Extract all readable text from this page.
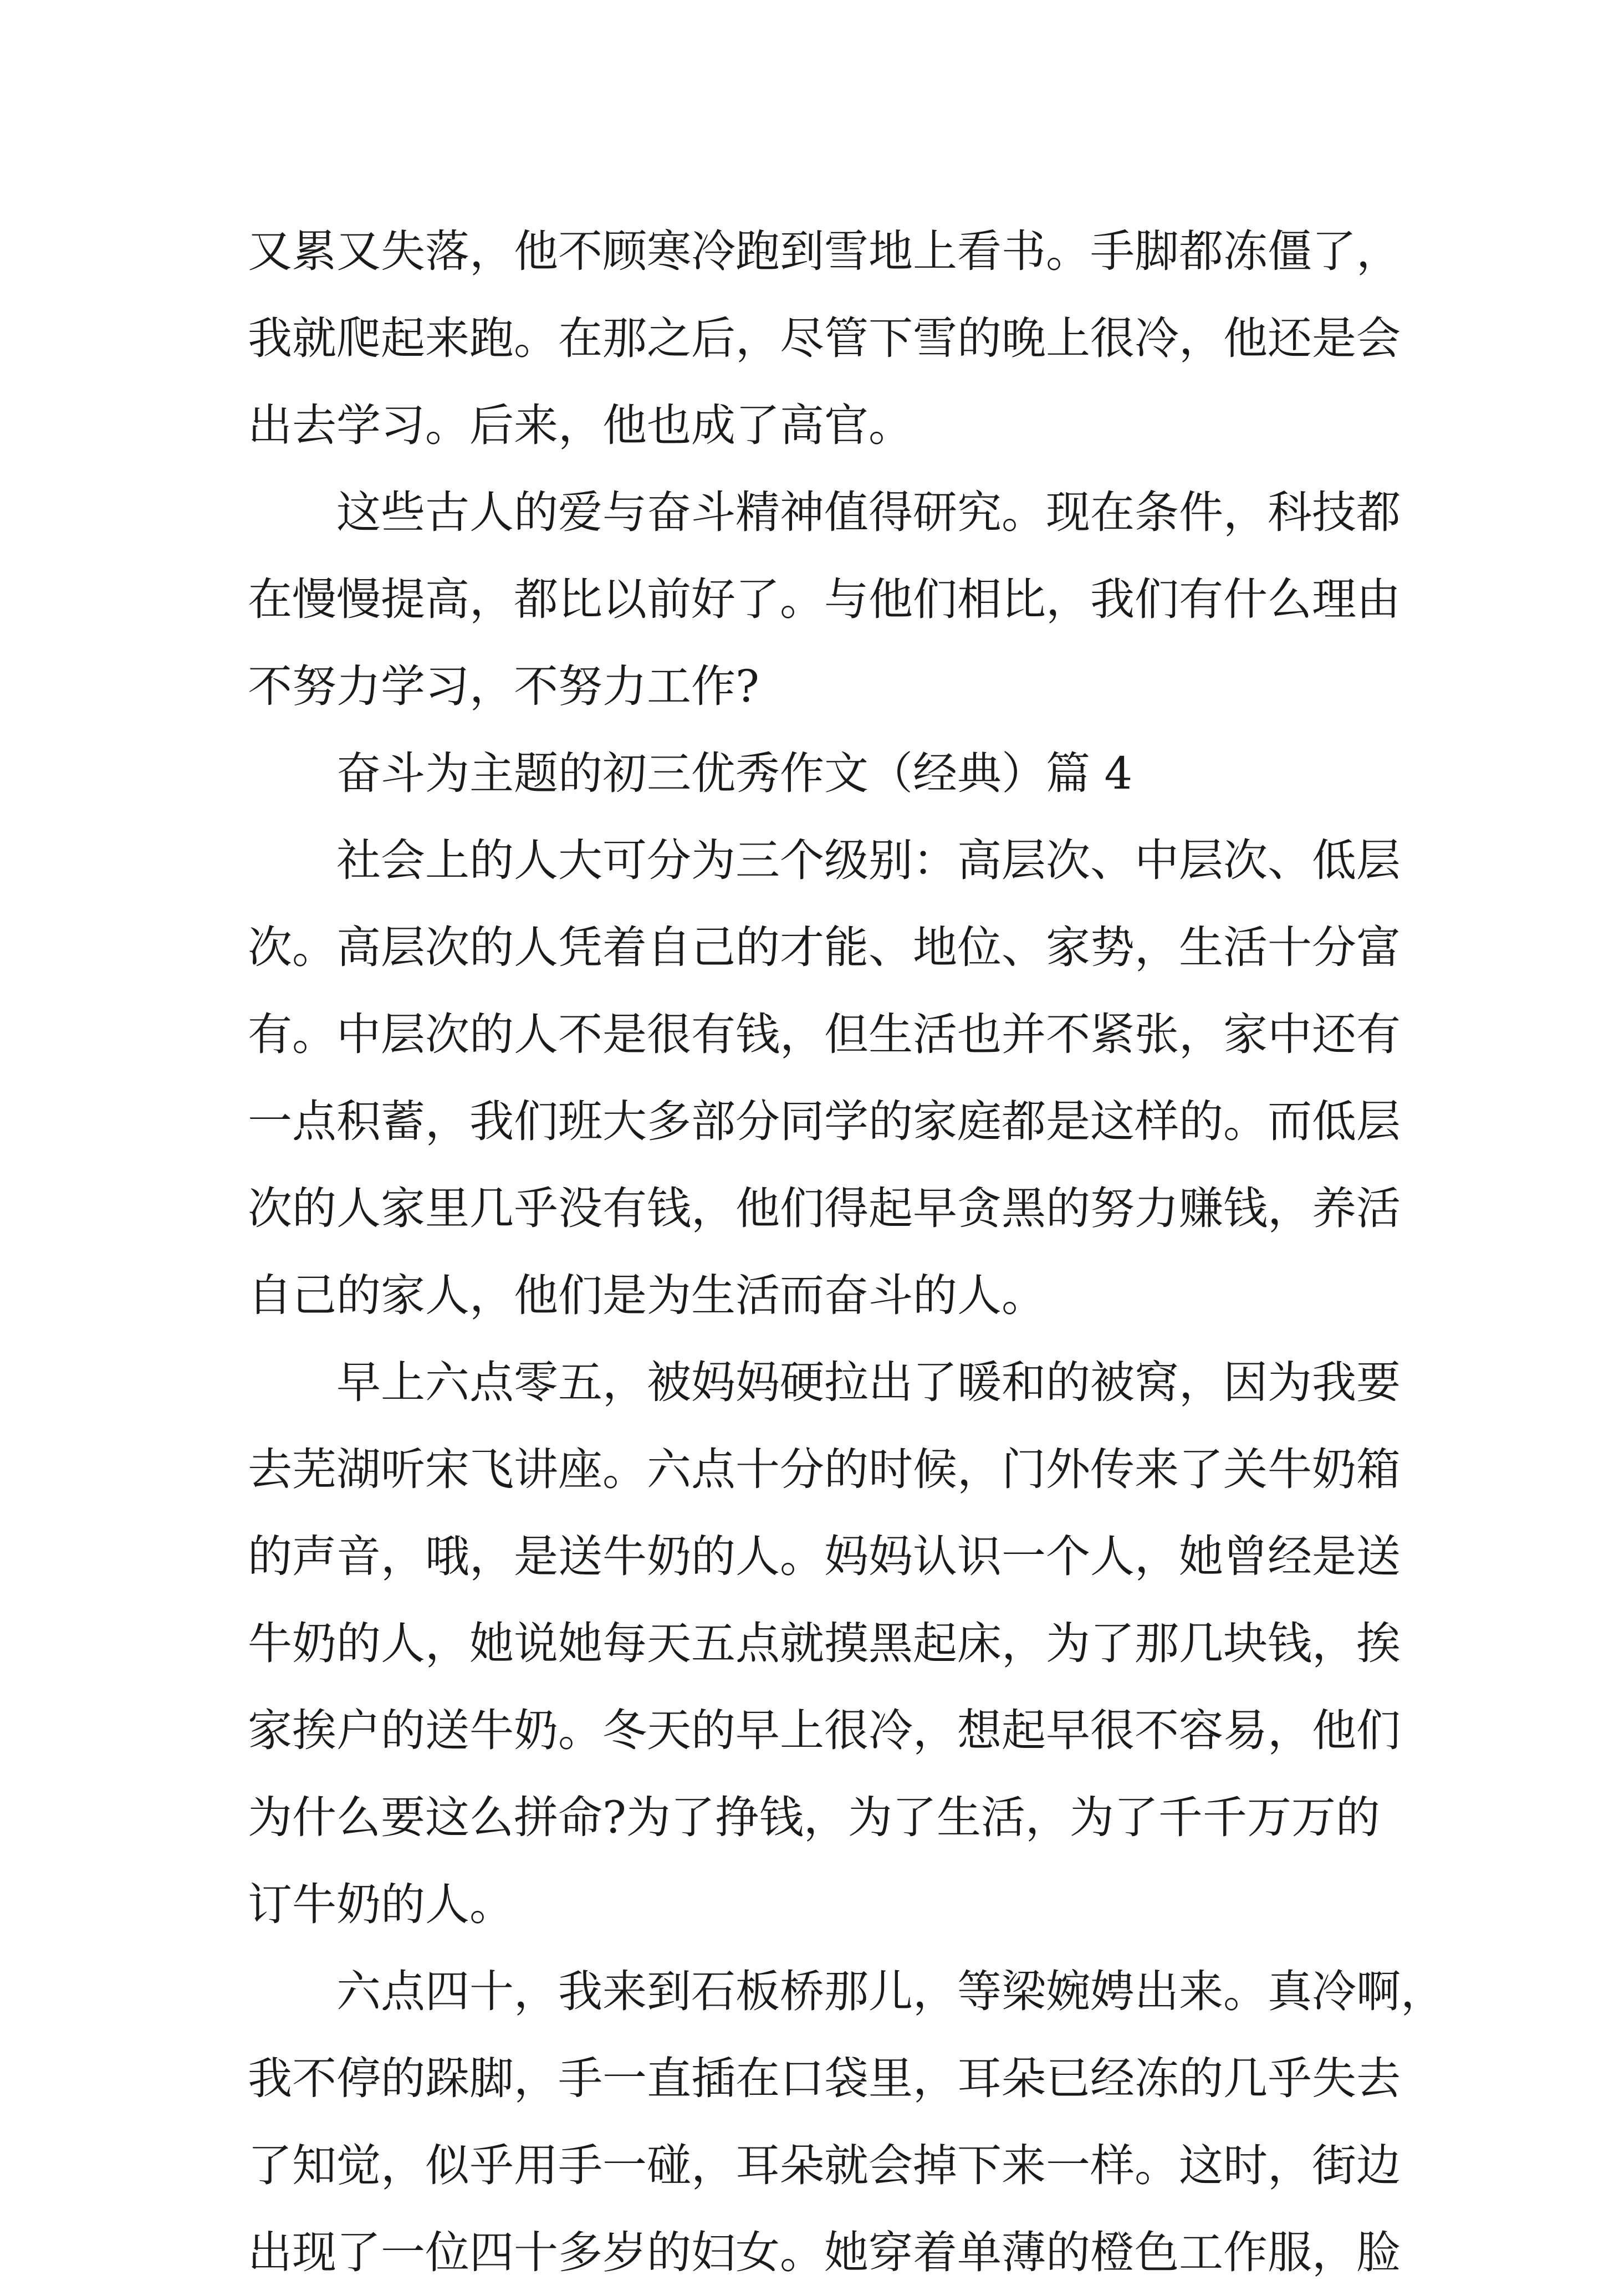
又 累 又 失 落 ， 他 不 顾 寒 冷 跑 到 雪 地 上 看 书 。 手 脚 都 冻 僵 了 ，
我 就 爬 起 来 跑 。 在 那 之 后 ， 尽 管 下 雪 的 晚 上 很 冷 ， 他 还 是 会
出去学习。后来，他也成了高官。
这 些 古 人 的 爱 与 奋 斗 精 神 值 得 研 究 。 现 在 条 件 ， 科 技 都
在 慢 慢 提 高 ， 都 比 以 前 好 了 。 与 他 们 相 比 ， 我 们 有 什 么 理 由
不努力学习，不努力工作?
奋斗为主题的初三优秀作文（经典）篇 4
社 会 上 的 人 大 可 分 为 三 个 级 别 ： 高 层 次 、 中 层 次 、 低 层
次 。 高 层 次 的 人 凭 着 自 己 的 才 能 、 地 位 、 家 势 ， 生 活 十 分 富
有 。 中 层 次 的 人 不 是 很 有 钱 ， 但 生 活 也 并 不 紧 张 ， 家 中 还 有
一 点 积 蓄 ， 我 们 班 大 多 部 分 同 学 的 家 庭 都 是 这 样 的 。 而 低 层
次 的 人 家 里 几 乎 没 有 钱 ， 他 们 得 起 早 贪 黑 的 努 力 赚 钱 ， 养 活
自己的家人，他们是为生活而奋斗的人。
早 上 六 点 零 五 ， 被 妈 妈 硬 拉 出 了 暖 和 的 被 窝 ， 因 为 我 要
去 芜 湖 听 宋 飞 讲 座 。 六 点 十 分 的 时 候 ， 门 外 传 来 了 关 牛 奶 箱
的 声 音 ， 哦 ， 是 送 牛 奶 的 人 。 妈 妈 认 识 一 个 人 ， 她 曾 经 是 送
牛 奶 的 人 ， 她 说 她 每 天 五 点 就 摸 黑 起 床 ， 为 了 那 几 块 钱 ， 挨
家 挨 户 的 送 牛 奶 。 冬 天 的 早 上 很 冷 ， 想 起 早 很 不 容 易 ， 他 们
为 什 么 要 这 么 拼 命 ? 为 了 挣 钱 ， 为 了 生 活 ， 为 了 千 千 万 万 的
订牛奶的人。
六 点 四 十 ， 我 来 到 石 板 桥 那 儿 ， 等 梁 婉 娉 出 来 。 真 冷 啊 ，
我 不 停 的 跺 脚 ， 手 一 直 插 在 口 袋 里 ， 耳 朵 已 经 冻 的 几 乎 失 去
了 知 觉 ， 似 乎 用 手 一 碰 ， 耳 朵 就 会 掉 下 来 一 样 。 这 时 ， 街 边
出 现 了 一 位 四 十 多 岁 的 妇 女 。 她 穿 着 单 薄 的 橙 色 工 作 服 ， 脸
